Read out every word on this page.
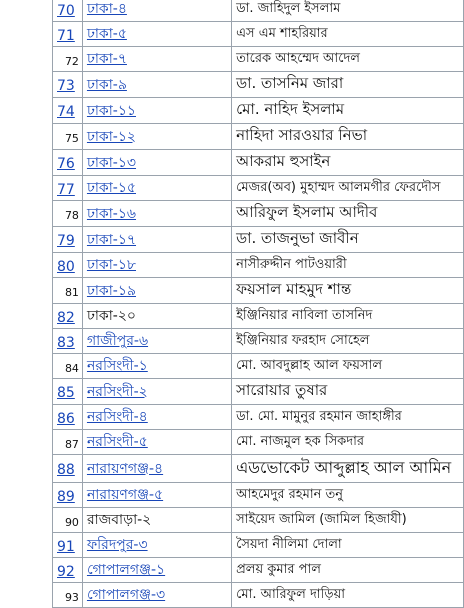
70	ঢাকা-৪	ডা. জাহিদুল ইসলাম
71	ঢাকা-৫	এস এম শাহরিয়ার
72	ঢাকা-৭	তারেক আহম্মেদ আদেল
73	ঢাকা-৯	ডা. তাসনিম জারা
74	ঢাকা-১১	মো. নাহিদ ইসলাম
75	ঢাকা-১২	নাহিদা সারওয়ার নিভা
76	ঢাকা-১৩	আকরাম হুসাইন
77	ঢাকা-১৫	মেজর(অব) মুহাম্মদ আলমগীর ফেরদৌস
78	ঢাকা-১৬	আরিফুল ইসলাম আদীব
79	ঢাকা-১৭	ডা. তাজনুভা জাবীন
80	ঢাকা-১৮	নাসীরুদ্দীন পাটওয়ারী
81	ঢাকা-১৯	ফয়সাল মাহমুদ শান্ত
82	ঢাকা-২০	ইঞ্জিনিয়ার নাবিলা তাসনিদ
83	গাজীপুর-৬	ইঞ্জিনিয়ার ফরহাদ সোহেল
84	নরসিংদী-১	মো. আবদুল্লাহ আল ফয়সাল
85	নরসিংদী-২	সারোয়ার তুষার
86	নরসিংদী-৪	ডা. মো. মামুনুর রহমান জাহাঙ্গীর
87	নরসিংদী-৫	মো. নাজমুল হক সিকদার
88	নারায়ণগঞ্জ-৪	এডভোকেট আব্দুল্লাহ আল আমিন
89	নারায়ণগঞ্জ-৫	আহমেদুর রহমান তনু
90	রাজবাড়া-২	সাইয়েদ জামিল (জামিল হিজাযী)
91	ফরিদপুর-৩	সৈয়দা নীলিমা দোলা
92	গোপালগঞ্জ-১	প্রলয় কুমার পাল
93	গোপালগঞ্জ-৩	মো. আরিফুল দাড়িয়া
